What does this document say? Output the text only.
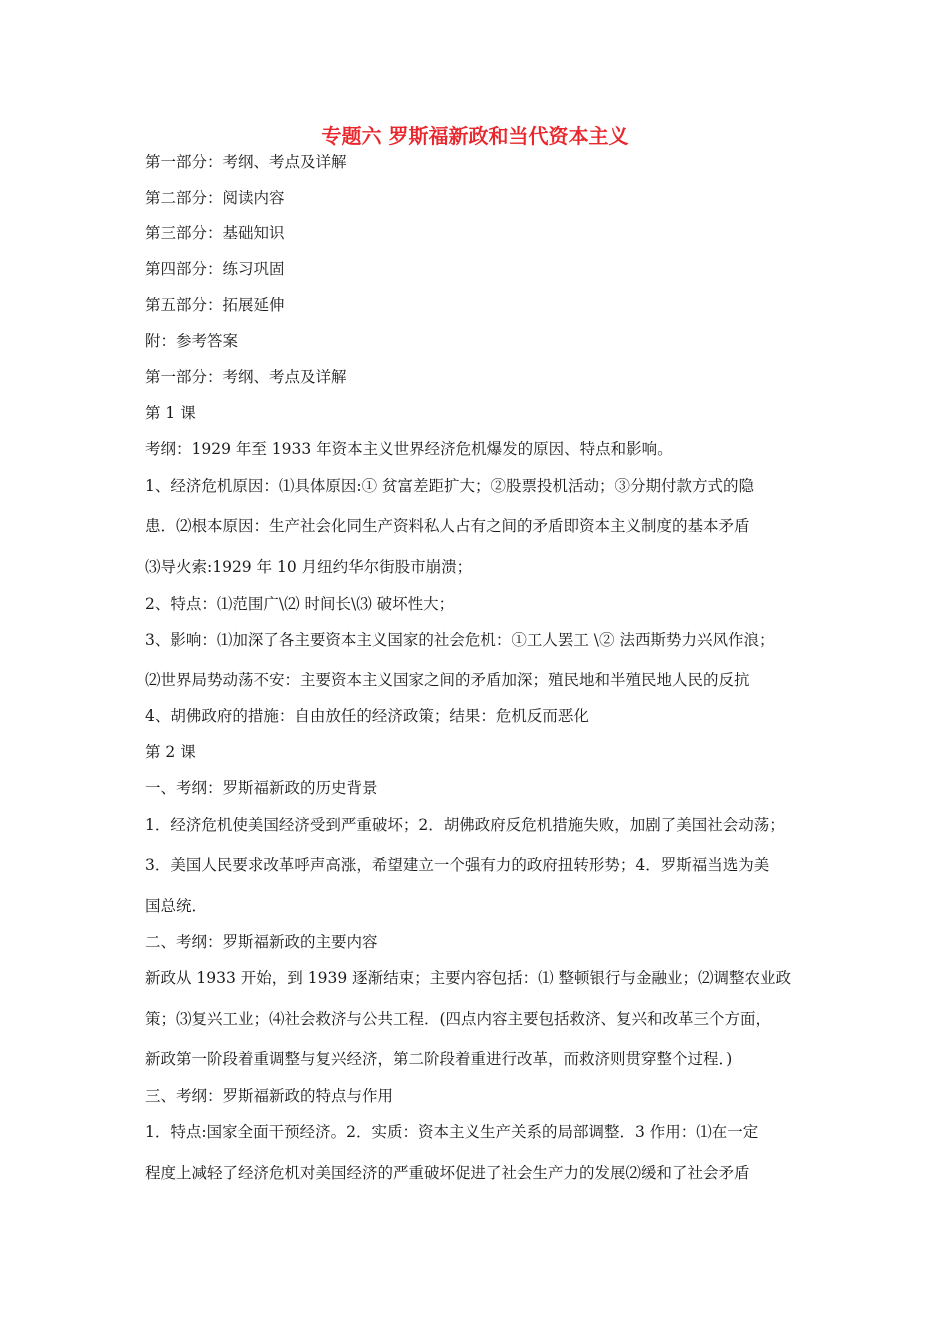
专题六 罗斯福新政和当代资本主义

第一部分：考纲、考点及详解

第二部分：阅读内容

第三部分：基础知识

第四部分：练习巩固

第五部分：拓展延伸

附：参考答案

第一部分：考纲、考点及详解

第 1 课

考纲：1929 年至 1933 年资本主义世界经济危机爆发的原因、特点和影响。

1、经济危机原因：⑴具体原因:① 贫富差距扩大；②股票投机活动；③分期付款方式的隐

患．⑵根本原因：生产社会化同生产资料私人占有之间的矛盾即资本主义制度的基本矛盾

⑶导火索:1929 年 10 月纽约华尔街股市崩溃；

2、特点：⑴范围广\⑵ 时间长\⑶ 破坏性大；

3、影响：⑴加深了各主要资本主义国家的社会危机：①工人罢工 \② 法西斯势力兴风作浪；

⑵世界局势动荡不安：主要资本主义国家之间的矛盾加深；殖民地和半殖民地人民的反抗

4、胡佛政府的措施：自由放任的经济政策；结果：危机反而恶化

第 2 课

一、考纲：罗斯福新政的历史背景

1．经济危机使美国经济受到严重破坏；2．胡佛政府反危机措施失败，加剧了美国社会动荡；

3．美国人民要求改革呼声高涨，希望建立一个强有力的政府扭转形势；4．罗斯福当选为美

国总统．

二、考纲：罗斯福新政的主要内容

新政从 1933 开始，到 1939 逐渐结束；主要内容包括：⑴ 整顿银行与金融业；⑵调整农业政

策；⑶复兴工业；⑷社会救济与公共工程．(四点内容主要包括救济、复兴和改革三个方面，

新政第一阶段着重调整与复兴经济，第二阶段着重进行改革，而救济则贯穿整个过程．)

三、考纲：罗斯福新政的特点与作用

1．特点:国家全面干预经济。2．实质：资本主义生产关系的局部调整．3 作用：⑴在一定

程度上减轻了经济危机对美国经济的严重破坏促进了社会生产力的发展⑵缓和了社会矛盾
